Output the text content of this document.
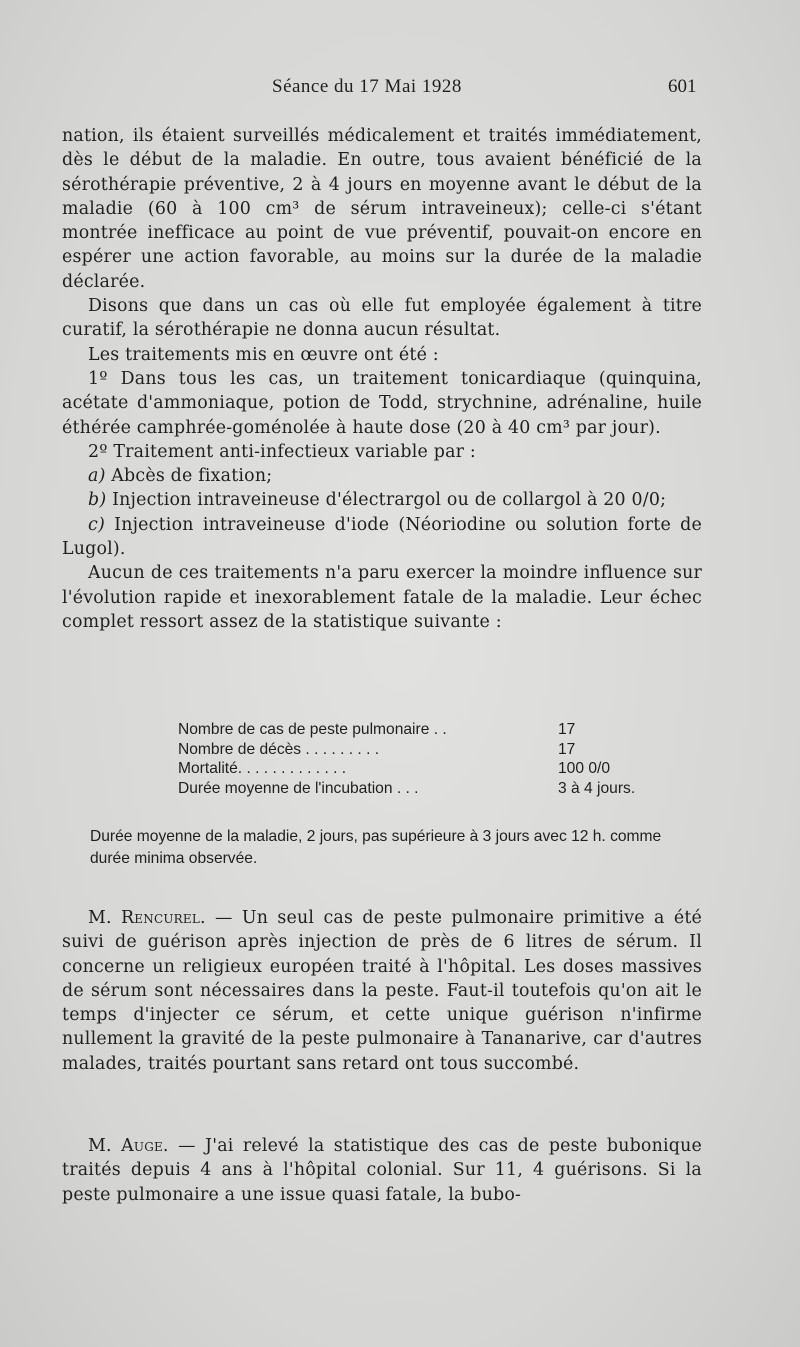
Séance du 17 Mai 1928	601

nation, ils étaient surveillés médicalement et traités immédiatement, dès le début de la maladie. En outre, tous avaient bénéficié de la sérothérapie préventive, 2 à 4 jours en moyenne avant le début de la maladie (60 à 100 cm³ de sérum intraveineux); celle-ci s'étant montrée inefficace au point de vue préventif, pouvait-on encore en espérer une action favorable, au moins sur la durée de la maladie déclarée.

Disons que dans un cas où elle fut employée également à titre curatif, la sérothérapie ne donna aucun résultat.

Les traitements mis en œuvre ont été :

1º Dans tous les cas, un traitement tonicardiaque (quinquina, acétate d'ammoniaque, potion de Todd, strychnine, adrénaline, huile éthérée camphrée-goménolée à haute dose (20 à 40 cm³ par jour).

2º Traitement anti-infectieux variable par :

a) Abcès de fixation;

b) Injection intraveineuse d'électrargol ou de collargol à 20 0/0;

c) Injection intraveineuse d'iode (Néoriodine ou solution forte de Lugol).

Aucun de ces traitements n'a paru exercer la moindre influence sur l'évolution rapide et inexorablement fatale de la maladie. Leur échec complet ressort assez de la statistique suivante :

Nombre de cas de peste pulmonaire . .	17
Nombre de décès . . . . . . . . .	17
Mortalité. . . . . . . . . . . . .	100 0/0
Durée moyenne de l'incubation . . .	3 à 4 jours.

Durée moyenne de la maladie, 2 jours, pas supérieure à 3 jours avec 12 h. comme durée minima observée.

M. Rencurel. — Un seul cas de peste pulmonaire primitive a été suivi de guérison après injection de près de 6 litres de sérum. Il concerne un religieux européen traité à l'hôpital. Les doses massives de sérum sont nécessaires dans la peste. Faut-il toutefois qu'on ait le temps d'injecter ce sérum, et cette unique guérison n'infirme nullement la gravité de la peste pulmonaire à Tananarive, car d'autres malades, traités pourtant sans retard ont tous succombé.

M. Auge. — J'ai relevé la statistique des cas de peste bubonique traités depuis 4 ans à l'hôpital colonial. Sur 11, 4 guérisons. Si la peste pulmonaire a une issue quasi fatale, la bubo-
